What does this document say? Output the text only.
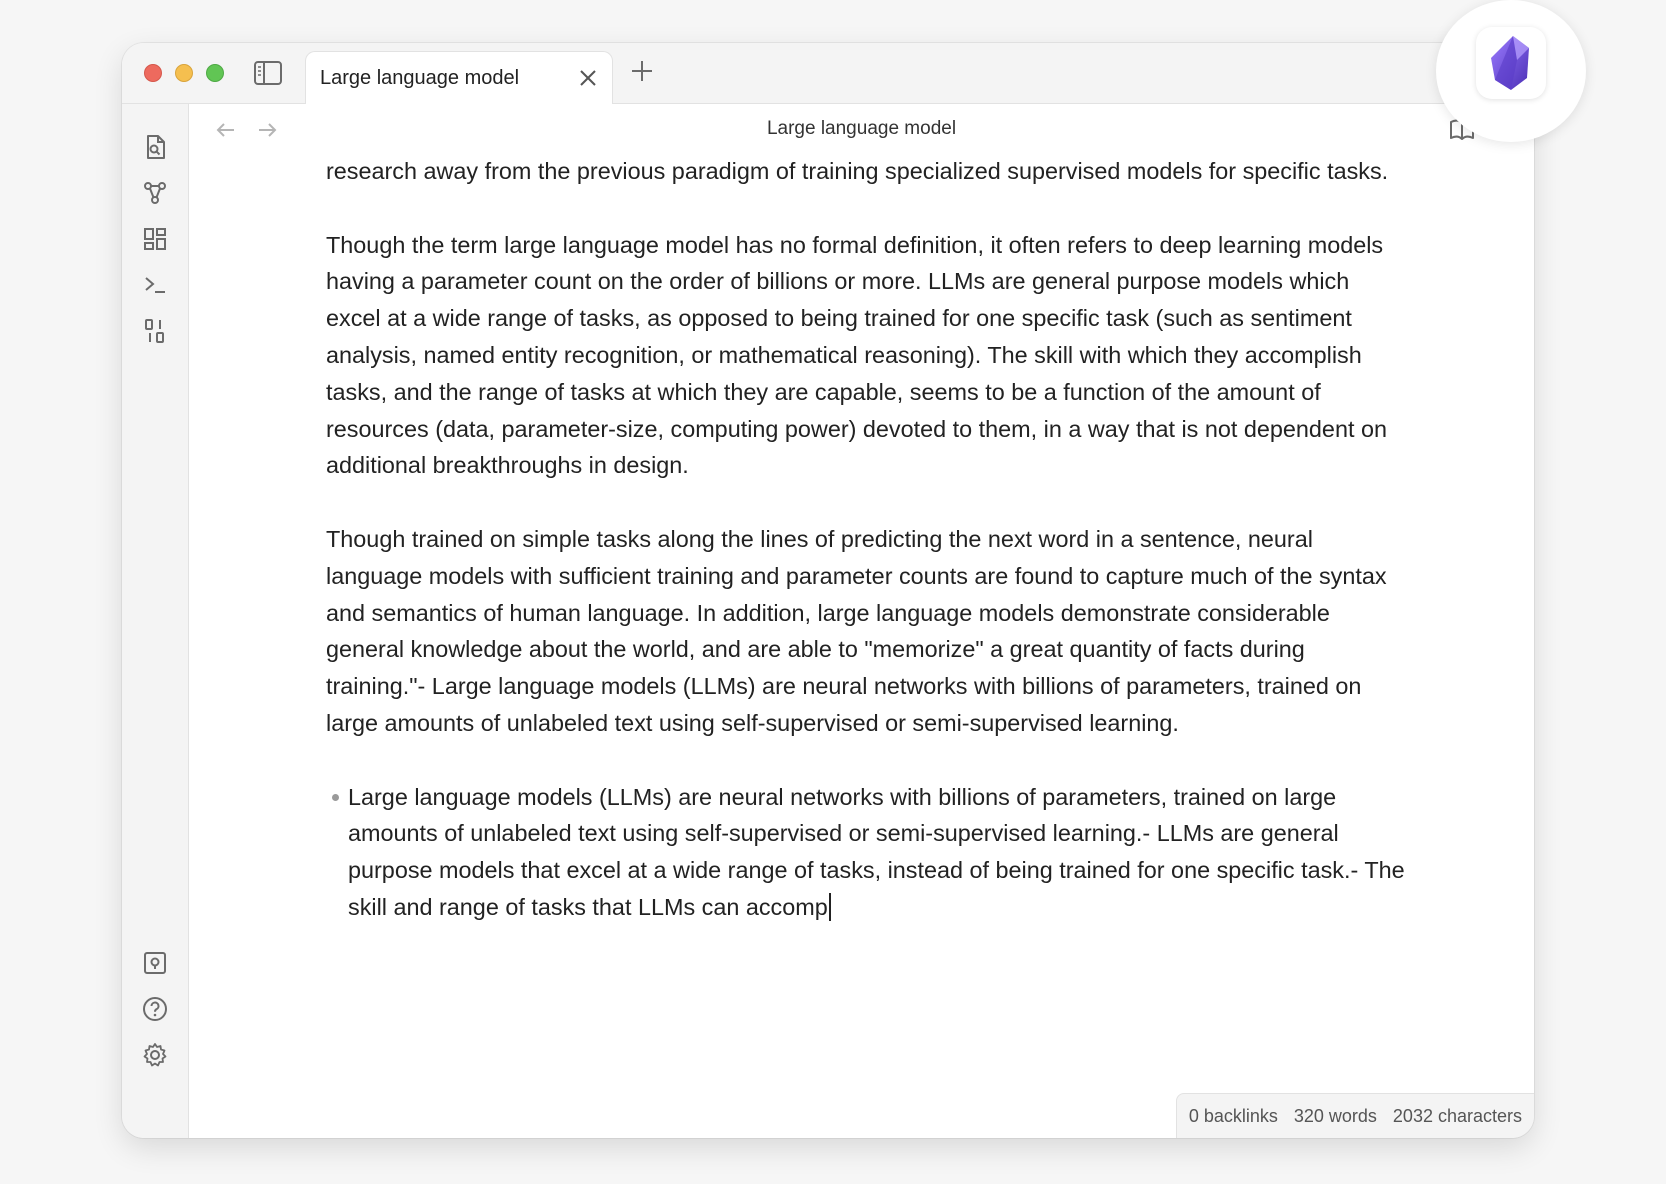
Large language model
Large language model

research away from the previous paradigm of training specialized supervised models for specific tasks.

Though the term large language model has no formal definition, it often refers to deep learning models having a parameter count on the order of billions or more. LLMs are general purpose models which excel at a wide range of tasks, as opposed to being trained for one specific task (such as sentiment analysis, named entity recognition, or mathematical reasoning). The skill with which they accomplish tasks, and the range of tasks at which they are capable, seems to be a function of the amount of resources (data, parameter-size, computing power) devoted to them, in a way that is not dependent on additional breakthroughs in design.

Though trained on simple tasks along the lines of predicting the next word in a sentence, neural language models with sufficient training and parameter counts are found to capture much of the syntax and semantics of human language. In addition, large language models demonstrate considerable general knowledge about the world, and are able to "memorize" a great quantity of facts during training."- Large language models (LLMs) are neural networks with billions of parameters, trained on large amounts of unlabeled text using self-supervised or semi-supervised learning.

Large language models (LLMs) are neural networks with billions of parameters, trained on large amounts of unlabeled text using self-supervised or semi-supervised learning.- LLMs are general purpose models that excel at a wide range of tasks, instead of being trained for one specific task.- The skill and range of tasks that LLMs can accomp
0 backlinks 320 words 2032 characters
